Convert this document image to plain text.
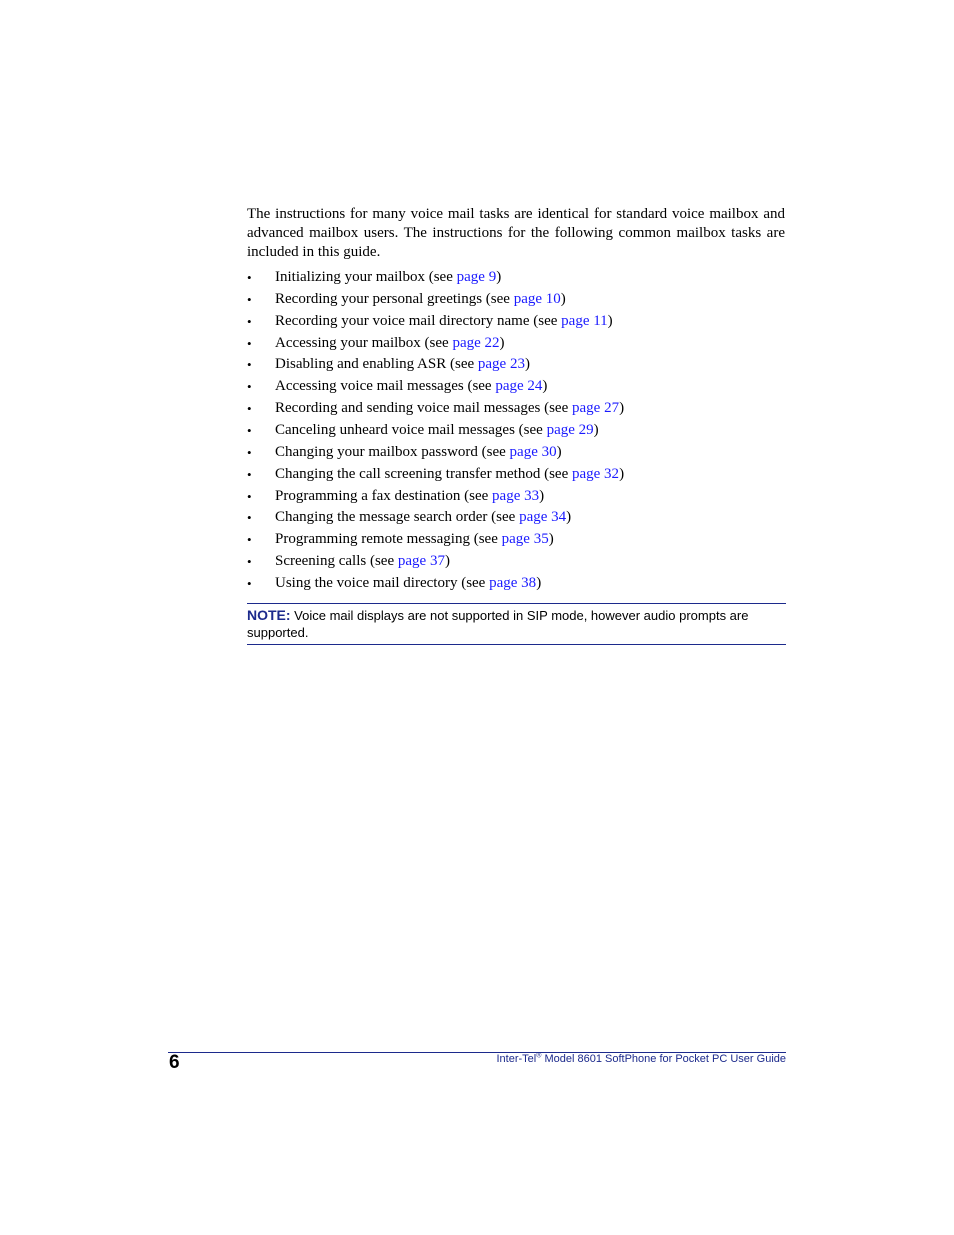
The instructions for many voice mail tasks are identical for standard voice mailbox and advanced mailbox users. The instructions for the following common mailbox tasks are included in this guide.

• Initializing your mailbox (see page 9)
• Recording your personal greetings (see page 10)
• Recording your voice mail directory name (see page 11)
• Accessing your mailbox (see page 22)
• Disabling and enabling ASR (see page 23)
• Accessing voice mail messages (see page 24)
• Recording and sending voice mail messages (see page 27)
• Canceling unheard voice mail messages (see page 29)
• Changing your mailbox password (see page 30)
• Changing the call screening transfer method (see page 32)
• Programming a fax destination (see page 33)
• Changing the message search order (see page 34)
• Programming remote messaging (see page 35)
• Screening calls (see page 37)
• Using the voice mail directory (see page 38)
NOTE: Voice mail displays are not supported in SIP mode, however audio prompts are supported.
6	Inter-Tel® Model 8601 SoftPhone for Pocket PC User Guide
